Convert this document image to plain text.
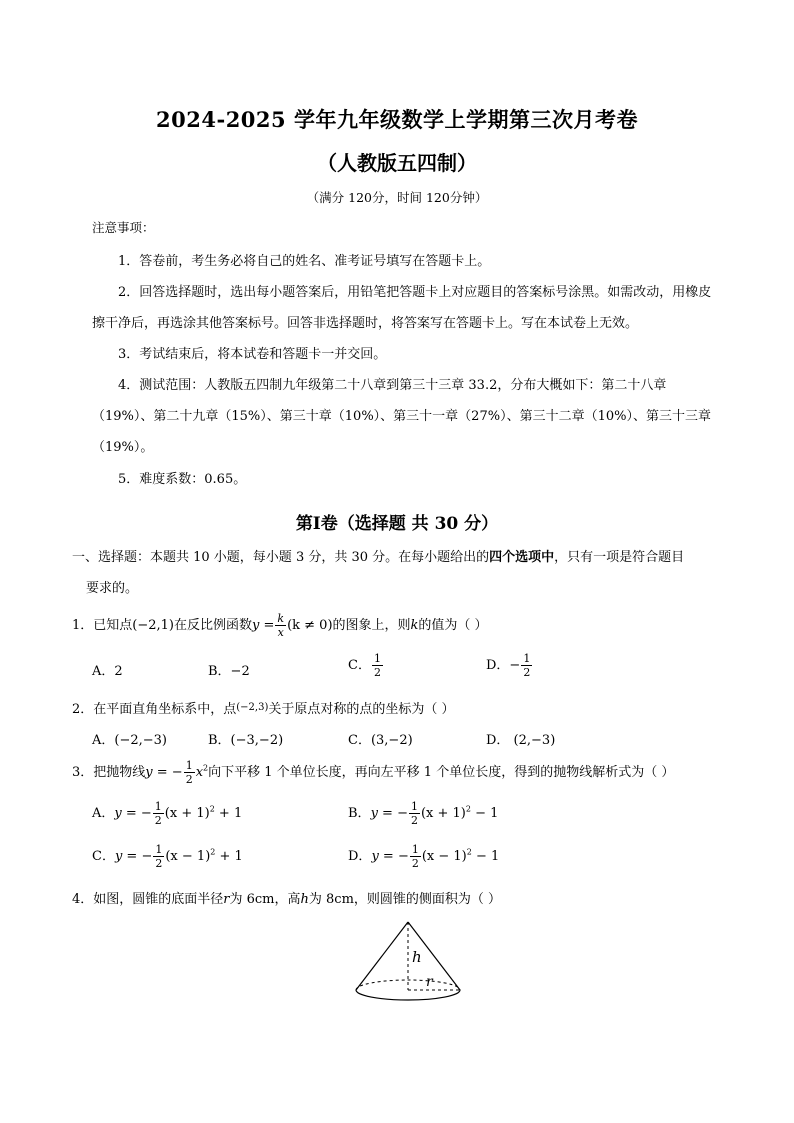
2024-2025 学年九年级数学上学期第三次月考卷
（人教版五四制）
（满分 120分，时间 120分钟）
注意事项：
1．答卷前，考生务必将自己的姓名、准考证号填写在答题卡上。
2．回答选择题时，选出每小题答案后，用铅笔把答题卡上对应题目的答案标号涂黑。如需改动，用橡皮擦干净后，再选涂其他答案标号。回答非选择题时，将答案写在答题卡上。写在本试卷上无效。
3．考试结束后，将本试卷和答题卡一并交回。
4．测试范围：人教版五四制九年级第二十八章到第三十三章 33.2，分布大概如下：第二十八章（19%）、第二十九章（15%）、第三十章（10%）、第三十一章（27%）、第三十二章（10%）、第三十三章（19%）。
5．难度系数：0.65。
第Ⅰ卷（选择题 共 30 分）
一、选择题：本题共 10 小题，每小题 3 分，共 30 分。在每小题给出的四个选项中，只有一项是符合题目
要求的。
1．已知点(−2,1)在反比例函数$y = \frac{k}{x} (k \ne 0)$的图象上，则k的值为（ ）
A．2	B．−2	C． $\frac{1}{2}$	D．− $\frac{1}{2}$
2．在平面直角坐标系中，点$^{(-2,3)}$关于原点对称的点的坐标为（ ）
A．(−2,−3)	B．(−3,−2)	C．(3,−2)	D． (2,−3)
3．把抛物线y = − $\frac{1}{2} x^2$向下平移 1 个单位长度，再向左平移 1 个单位长度，得到的抛物线解析式为（ ）
A．y = − $\frac{1}{2} (x + 1)^2 + 1$	B．y = − $\frac{1}{2} (x + 1)^2 - 1$
C．y = − $\frac{1}{2} (x - 1)^2 + 1$	D．y = − $\frac{1}{2} (x - 1)^2 - 1$
4．如图，圆锥的底面半径r为 6cm，高h为 8cm，则圆锥的侧面积为（ ）
h
r
